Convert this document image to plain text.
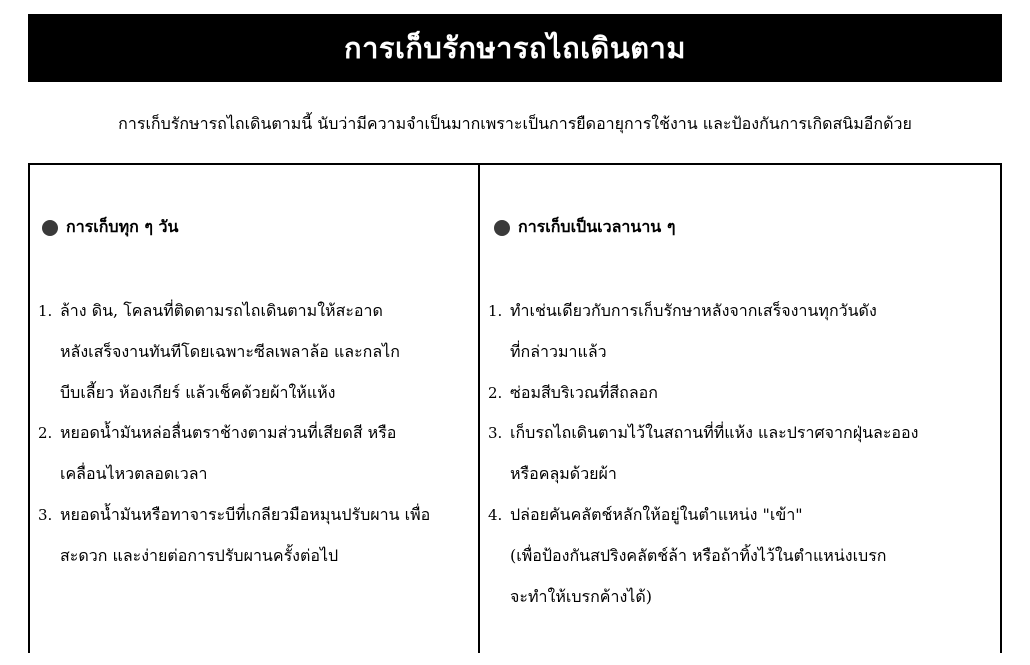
การเก็บรักษารถไถเดินตาม
การเก็บรักษารถไถเดินตามนี้ นับว่ามีความจำเป็นมากเพราะเป็นการยืดอายุการใช้งาน และป้องกันการเกิดสนิมอีกด้วย
การเก็บทุก ๆ วัน
1. ล้าง ดิน, โคลนที่ติดตามรถไถเดินตามให้สะอาด
หลังเสร็จงานทันทีโดยเฉพาะซีลเพลาล้อ และกลไก
บีบเลี้ยว ห้องเกียร์ แล้วเช็คด้วยผ้าให้แห้ง
2. หยอดน้ำมันหล่อลื่นตราช้างตามส่วนที่เสียดสี หรือ
เคลื่อนไหวตลอดเวลา
3. หยอดน้ำมันหรือทาจาระบีที่เกลียวมือหมุนปรับผาน เพื่อ
สะดวก และง่ายต่อการปรับผานครั้งต่อไป
การเก็บเป็นเวลานาน ๆ
1. ทำเช่นเดียวกับการเก็บรักษาหลังจากเสร็จงานทุกวันดัง
ที่กล่าวมาแล้ว
2. ซ่อมสีบริเวณที่สีถลอก
3. เก็บรถไถเดินตามไว้ในสถานที่ที่แห้ง และปราศจากฝุ่นละออง
หรือคลุมด้วยผ้า
4. ปล่อยคันคลัตช์หลักให้อยู่ในตำแหน่ง "เข้า"
(เพื่อป้องกันสปริงคลัตช์ล้า หรือถ้าทิ้งไว้ในตำแหน่งเบรก
จะทำให้เบรกค้างได้)
